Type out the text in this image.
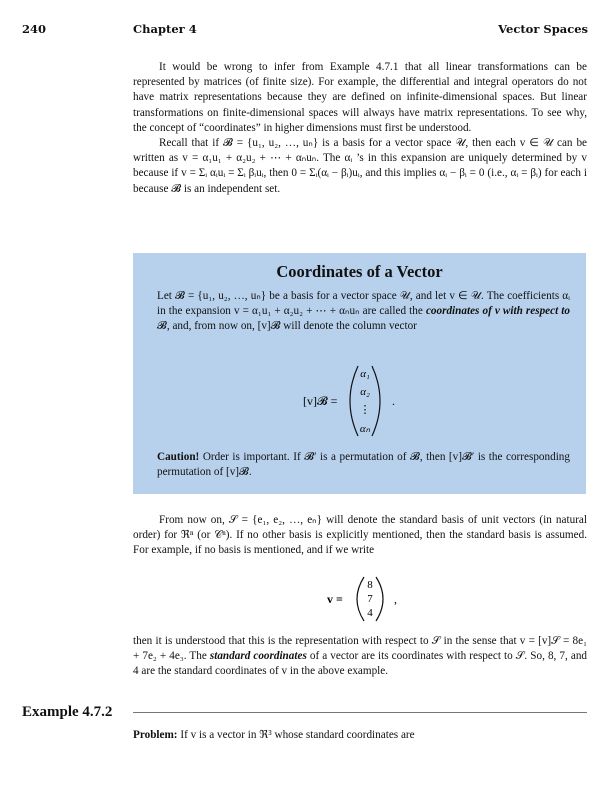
240	Chapter 4	Vector Spaces

It would be wrong to infer from Example 4.7.1 that all linear transformations can be represented by matrices (of finite size). For example, the differential and integral operators do not have matrix representations because they are defined on infinite-dimensional spaces. But linear transformations on finite-dimensional spaces will always have matrix representations. To see why, the concept of “coordinates” in higher dimensions must first be understood.

Recall that if 𝓑 = {u₁, u₂, …, uₙ} is a basis for a vector space 𝒰, then each v ∈ 𝒰 can be written as v = α₁u₁ + α₂u₂ + ⋯ + αₙuₙ. The αᵢ ’s in this expansion are uniquely determined by v because if v = Σᵢ αᵢuᵢ = Σᵢ βᵢuᵢ, then 0 = Σᵢ(αᵢ − βᵢ)uᵢ, and this implies αᵢ − βᵢ = 0 (i.e., αᵢ = βᵢ) for each i because 𝓑 is an independent set.

Coordinates of a Vector
Let 𝓑 = {u₁, u₂, …, uₙ} be a basis for a vector space 𝒰, and let v ∈ 𝒰. The coefficients αᵢ in the expansion v = α₁u₁ + α₂u₂ + ⋯ + αₙuₙ are called the coordinates of v with respect to 𝓑, and, from now on, [v]𝓑 will denote the column vector
Caution! Order is important. If 𝓑′ is a permutation of 𝓑, then [v]𝓑′ is the corresponding permutation of [v]𝓑.
[v]𝓑 =
α₁
α₂
⋮
αₙ
.

From now on, 𝒮 = {e₁, e₂, …, eₙ} will denote the standard basis of unit vectors (in natural order) for ℜⁿ (or 𝒞ⁿ). If no other basis is explicitly mentioned, then the standard basis is assumed. For example, if no basis is mentioned, and if we write

v =
8
7
4
,

then it is understood that this is the representation with respect to 𝒮 in the sense that v = [v]𝒮 = 8e₁ + 7e₂ + 4e₃. The standard coordinates of a vector are its coordinates with respect to 𝒮. So, 8, 7, and 4 are the standard coordinates of v in the above example.

Example 4.7.2
Problem: If v is a vector in ℜ³ whose standard coordinates are
